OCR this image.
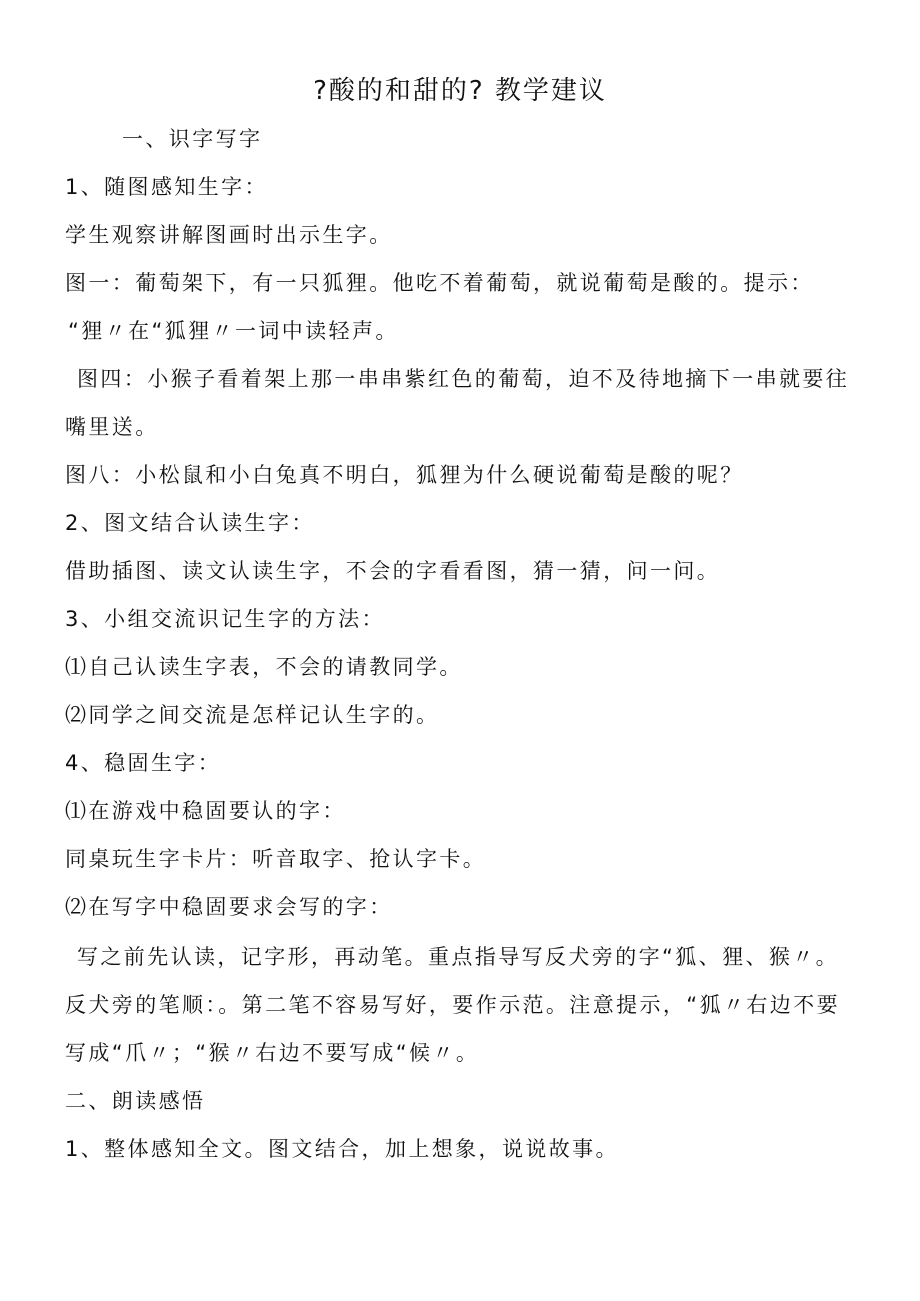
?酸的和甜的? 教学建议
一、识字写字
1、随图感知生字：
学生观察讲解图画时出示生字。
图一：葡萄架下，有一只狐狸。他吃不着葡萄，就说葡萄是酸的。提示：
“狸〃在“狐狸〃一词中读轻声。
图四：小猴子看着架上那一串串紫红色的葡萄，迫不及待地摘下一串就要往
嘴里送。
图八：小松鼠和小白兔真不明白，狐狸为什么硬说葡萄是酸的呢？
2、图文结合认读生字：
借助插图、读文认读生字，不会的字看看图，猜一猜，问一问。
3、小组交流识记生字的方法：
⑴自己认读生字表，不会的请教同学。
⑵同学之间交流是怎样记认生字的。
4、稳固生字：
⑴在游戏中稳固要认的字：
同桌玩生字卡片：听音取字、抢认字卡。
⑵在写字中稳固要求会写的字：
写之前先认读，记字形，再动笔。重点指导写反犬旁的字“狐、狸、猴〃。
反犬旁的笔顺：。第二笔不容易写好，要作示范。注意提示，“狐〃右边不要
写成“爪〃；“猴〃右边不要写成“候〃。
二、朗读感悟
1、整体感知全文。图文结合，加上想象，说说故事。
